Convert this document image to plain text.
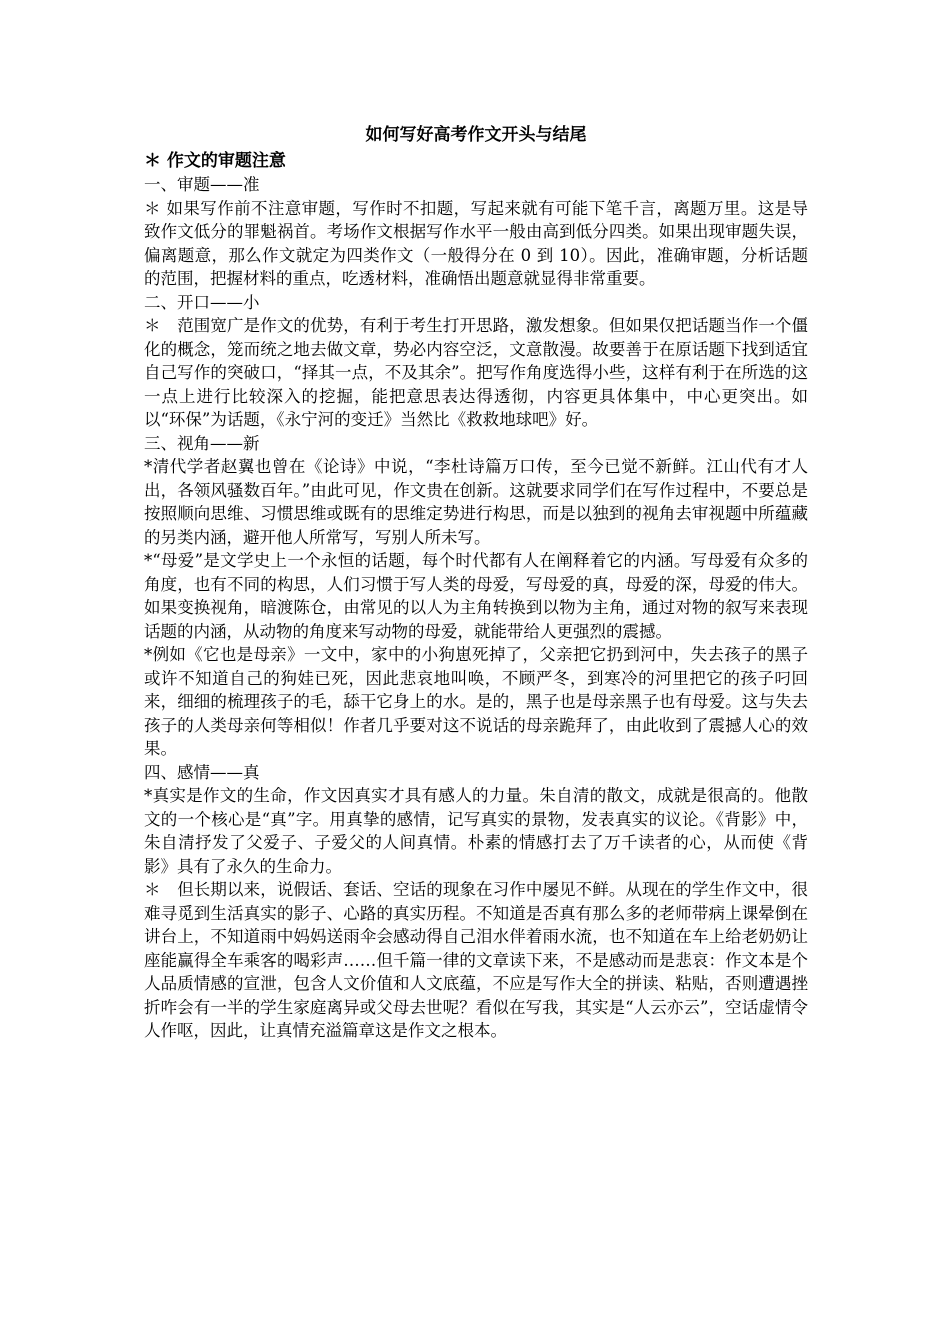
如何写好高考作文开头与结尾
＊ 作文的审题注意
一、审题——准

＊ 如果写作前不注意审题，写作时不扣题，写起来就有可能下笔千言，离题万里。这是导致作文低分的罪魁祸首。考场作文根据写作水平一般由高到低分四类。如果出现审题失误，偏离题意，那么作文就定为四类作文（一般得分在 0 到 10）。因此，准确审题，分析话题的范围，把握材料的重点，吃透材料，准确悟出题意就显得非常重要。

二、开口——小

＊　范围宽广是作文的优势，有利于考生打开思路，激发想象。但如果仅把话题当作一个僵化的概念，笼而统之地去做文章，势必内容空泛，文意散漫。故要善于在原话题下找到适宜自己写作的突破口，“择其一点，不及其余”。把写作角度选得小些，这样有利于在所选的这一点上进行比较深入的挖掘，能把意思表达得透彻，内容更具体集中，中心更突出。如以“环保”为话题，《永宁河的变迁》当然比《救救地球吧》好。

三、视角——新

*清代学者赵翼也曾在《论诗》中说，“李杜诗篇万口传，至今已觉不新鲜。江山代有才人出，各领风骚数百年。”由此可见，作文贵在创新。这就要求同学们在写作过程中，不要总是按照顺向思维、习惯思维或既有的思维定势进行构思，而是以独到的视角去审视题中所蕴藏的另类内涵，避开他人所常写，写别人所未写。

*“母爱”是文学史上一个永恒的话题，每个时代都有人在阐释着它的内涵。写母爱有众多的角度，也有不同的构思，人们习惯于写人类的母爱，写母爱的真，母爱的深，母爱的伟大。如果变换视角，暗渡陈仓，由常见的以人为主角转换到以物为主角，通过对物的叙写来表现话题的内涵，从动物的角度来写动物的母爱，就能带给人更强烈的震撼。

*例如《它也是母亲》一文中，家中的小狗崽死掉了，父亲把它扔到河中，失去孩子的黑子或许不知道自己的狗娃已死，因此悲哀地叫唤，不顾严冬，到寒冷的河里把它的孩子叼回来，细细的梳理孩子的毛，舔干它身上的水。是的，黑子也是母亲黑子也有母爱。这与失去孩子的人类母亲何等相似！作者几乎要对这不说话的母亲跪拜了，由此收到了震撼人心的效果。

四、感情——真

*真实是作文的生命，作文因真实才具有感人的力量。朱自清的散文，成就是很高的。他散文的一个核心是“真”字。用真挚的感情，记写真实的景物，发表真实的议论。《背影》中，朱自清抒发了父爱子、子爱父的人间真情。朴素的情感打去了万千读者的心，从而使《背影》具有了永久的生命力。

＊　但长期以来，说假话、套话、空话的现象在习作中屡见不鲜。从现在的学生作文中，很难寻觅到生活真实的影子、心路的真实历程。不知道是否真有那么多的老师带病上课晕倒在讲台上，不知道雨中妈妈送雨伞会感动得自己泪水伴着雨水流，也不知道在车上给老奶奶让座能赢得全车乘客的喝彩声……但千篇一律的文章读下来，不是感动而是悲哀：作文本是个人品质情感的宣泄，包含人文价值和人文底蕴，不应是写作大全的拼读、粘贴，否则遭遇挫折咋会有一半的学生家庭离异或父母去世呢？看似在写我，其实是“人云亦云”，空话虚情令人作呕，因此，让真情充溢篇章这是作文之根本。
